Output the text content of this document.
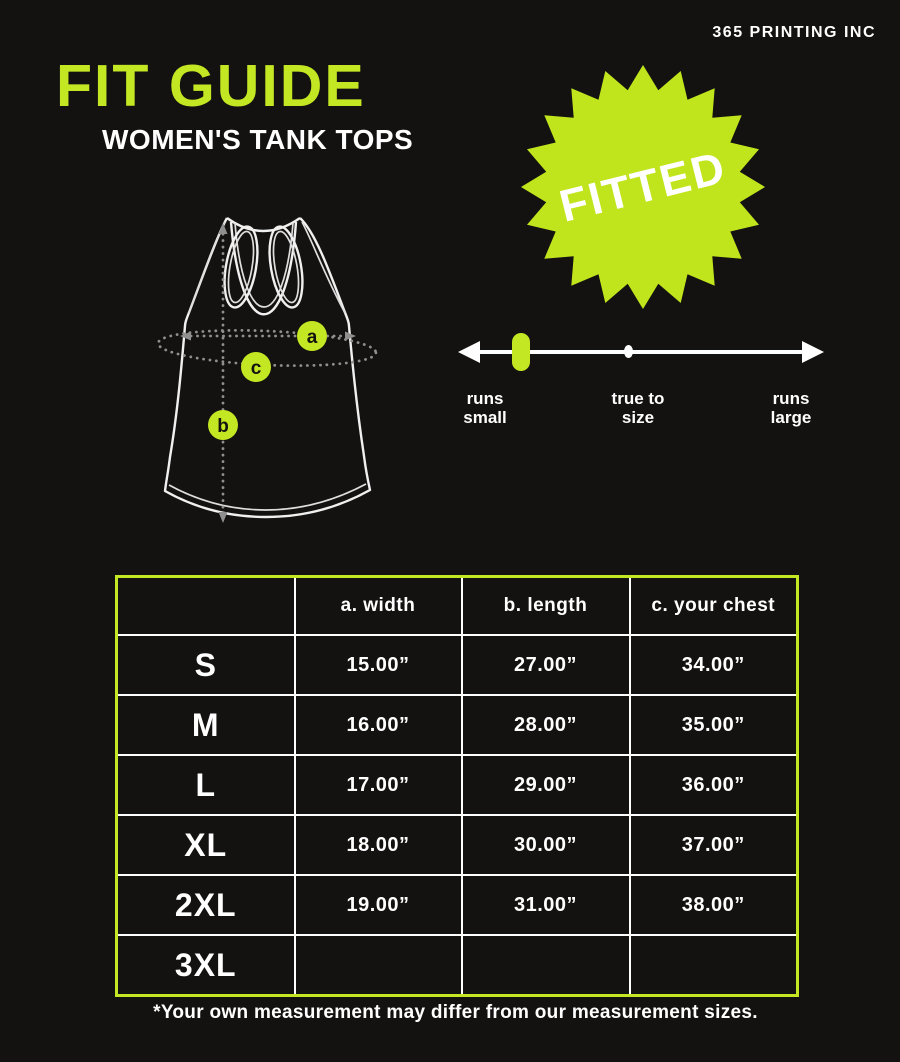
365 PRINTING INC
FIT GUIDE
WOMEN'S TANK TOPS
FITTED
runs
small
true to
size
runs
large
a
b
c
	a. width	b. length	c. your chest
S	15.00”	27.00”	34.00”
M	16.00”	28.00”	35.00”
L	17.00”	29.00”	36.00”
XL	18.00”	30.00”	37.00”
2XL	19.00”	31.00”	38.00”
3XL			
*Your own measurement may differ from our measurement sizes.
